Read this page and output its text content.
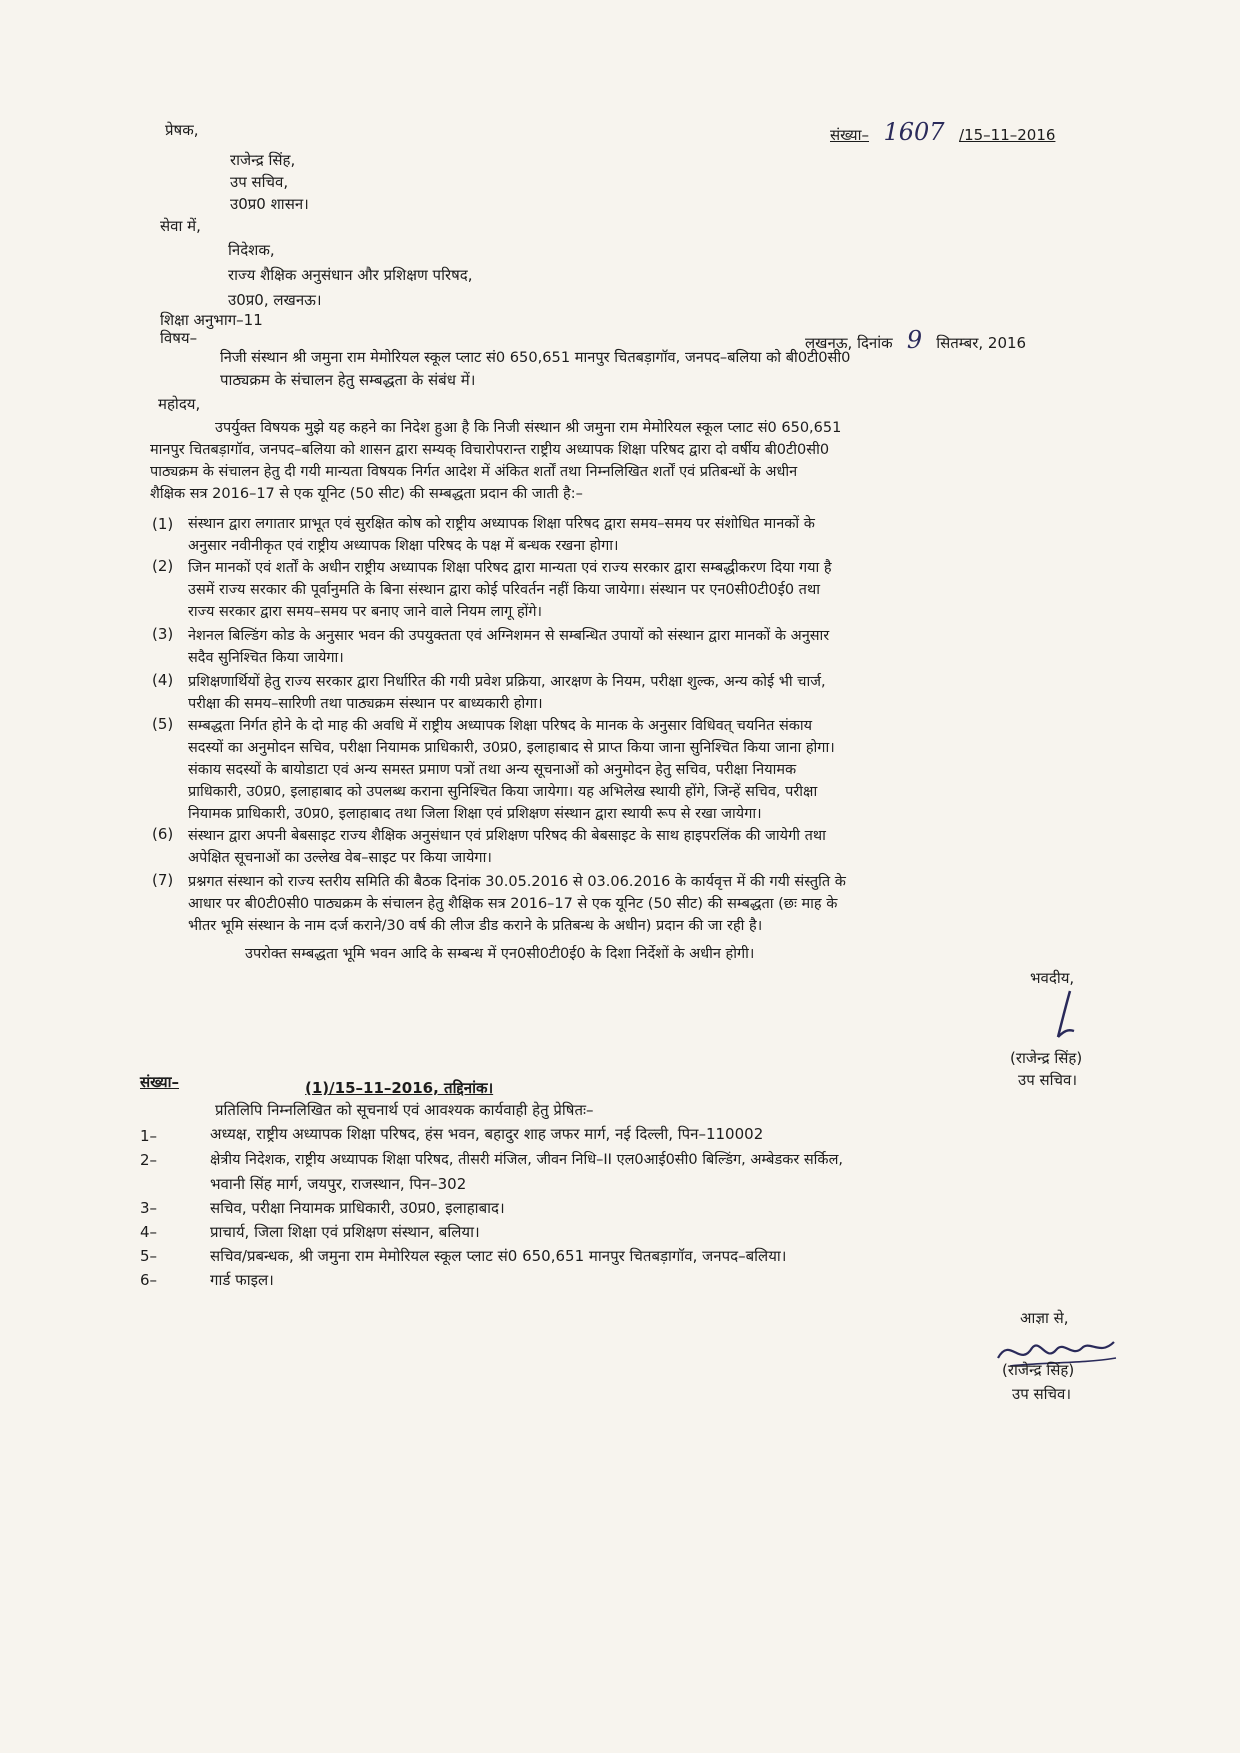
प्रेषक,
राजेन्द्र सिंह,
उप सचिव,
उ0प्र0 शासन।
संख्या– 1607 /15–11–2016
सेवा में,
निदेशक,
राज्य शैक्षिक अनुसंधान और प्रशिक्षण परिषद,
उ0प्र0, लखनऊ।
शिक्षा अनुभाग–11
लखनऊ, दिनांक 9 सितम्बर, 2016
विषय–
निजी संस्थान श्री जमुना राम मेमोरियल स्कूल प्लाट सं0 650,651 मानपुर चितबड़ागॉव, जनपद–बलिया को बी0टी0सी0
पाठ्यक्रम के संचालन हेतु सम्बद्धता के संबंध में।
महोदय,
उपर्युक्त विषयक मुझे यह कहने का निदेश हुआ है कि निजी संस्थान श्री जमुना राम मेमोरियल स्कूल प्लाट सं0 650,651
मानपुर चितबड़ागॉव, जनपद–बलिया को शासन द्वारा सम्यक् विचारोपरान्त राष्ट्रीय अध्यापक शिक्षा परिषद द्वारा दो वर्षीय बी0टी0सी0
पाठ्यक्रम के संचालन हेतु दी गयी मान्यता विषयक निर्गत आदेश में अंकित शर्तों तथा निम्नलिखित शर्तों एवं प्रतिबन्धों के अधीन
शैक्षिक सत्र 2016–17 से एक यूनिट (50 सीट) की सम्बद्धता प्रदान की जाती है:–
(1) संस्थान द्वारा लगातार प्राभूत एवं सुरक्षित कोष को राष्ट्रीय अध्यापक शिक्षा परिषद द्वारा समय–समय पर संशोधित मानकों के
अनुसार नवीनीकृत एवं राष्ट्रीय अध्यापक शिक्षा परिषद के पक्ष में बन्धक रखना होगा।
(2) जिन मानकों एवं शर्तों के अधीन राष्ट्रीय अध्यापक शिक्षा परिषद द्वारा मान्यता एवं राज्य सरकार द्वारा सम्बद्धीकरण दिया गया है
उसमें राज्य सरकार की पूर्वानुमति के बिना संस्थान द्वारा कोई परिवर्तन नहीं किया जायेगा। संस्थान पर एन0सी0टी0ई0 तथा
राज्य सरकार द्वारा समय–समय पर बनाए जाने वाले नियम लागू होंगे।
(3) नेशनल बिल्डिंग कोड के अनुसार भवन की उपयुक्तता एवं अग्निशमन से सम्बन्धित उपायों को संस्थान द्वारा मानकों के अनुसार
सदैव सुनिश्चित किया जायेगा।
(4) प्रशिक्षणार्थियों हेतु राज्य सरकार द्वारा निर्धारित की गयी प्रवेश प्रक्रिया, आरक्षण के नियम, परीक्षा शुल्क, अन्य कोई भी चार्ज,
परीक्षा की समय–सारिणी तथा पाठ्यक्रम संस्थान पर बाध्यकारी होगा।
(5) सम्बद्धता निर्गत होने के दो माह की अवधि में राष्ट्रीय अध्यापक शिक्षा परिषद के मानक के अनुसार विधिवत् चयनित संकाय
सदस्यों का अनुमोदन सचिव, परीक्षा नियामक प्राधिकारी, उ0प्र0, इलाहाबाद से प्राप्त किया जाना सुनिश्चित किया जाना होगा।
संकाय सदस्यों के बायोडाटा एवं अन्य समस्त प्रमाण पत्रों तथा अन्य सूचनाओं को अनुमोदन हेतु सचिव, परीक्षा नियामक
प्राधिकारी, उ0प्र0, इलाहाबाद को उपलब्ध कराना सुनिश्चित किया जायेगा। यह अभिलेख स्थायी होंगे, जिन्हें सचिव, परीक्षा
नियामक प्राधिकारी, उ0प्र0, इलाहाबाद तथा जिला शिक्षा एवं प्रशिक्षण संस्थान द्वारा स्थायी रूप से रखा जायेगा।
(6) संस्थान द्वारा अपनी बेबसाइट राज्य शैक्षिक अनुसंधान एवं प्रशिक्षण परिषद की बेबसाइट के साथ हाइपरलिंक की जायेगी तथा
अपेक्षित सूचनाओं का उल्लेख वेब–साइट पर किया जायेगा।
(7) प्रश्नगत संस्थान को राज्य स्तरीय समिति की बैठक दिनांक 30.05.2016 से 03.06.2016 के कार्यवृत्त में की गयी संस्तुति के
आधार पर बी0टी0सी0 पाठ्यक्रम के संचालन हेतु शैक्षिक सत्र 2016–17 से एक यूनिट (50 सीट) की सम्बद्धता (छः माह के
भीतर भूमि संस्थान के नाम दर्ज कराने/30 वर्ष की लीज डीड कराने के प्रतिबन्ध के अधीन) प्रदान की जा रही है।
उपरोक्त सम्बद्धता भूमि भवन आदि के सम्बन्ध में एन0सी0टी0ई0 के दिशा निर्देशों के अधीन होगी।
भवदीय,
(राजेन्द्र सिंह)
उप सचिव।
संख्या–	(1)/15–11–2016, तद्दिनांक।
प्रतिलिपि निम्नलिखित को सूचनार्थ एवं आवश्यक कार्यवाही हेतु प्रेषितः–
1–	अध्यक्ष, राष्ट्रीय अध्यापक शिक्षा परिषद, हंस भवन, बहादुर शाह जफर मार्ग, नई दिल्ली, पिन–110002
2–	क्षेत्रीय निदेशक, राष्ट्रीय अध्यापक शिक्षा परिषद, तीसरी मंजिल, जीवन निधि–II एल0आई0सी0 बिल्डिंग, अम्बेडकर सर्किल,
भवानी सिंह मार्ग, जयपुर, राजस्थान, पिन–302
3–	सचिव, परीक्षा नियामक प्राधिकारी, उ0प्र0, इलाहाबाद।
4–	प्राचार्य, जिला शिक्षा एवं प्रशिक्षण संस्थान, बलिया।
5–	सचिव/प्रबन्धक, श्री जमुना राम मेमोरियल स्कूल प्लाट सं0 650,651 मानपुर चितबड़ागॉव, जनपद–बलिया।
6–	गार्ड फाइल।
आज्ञा से,
(राजेन्द्र सिंह)
उप सचिव।
